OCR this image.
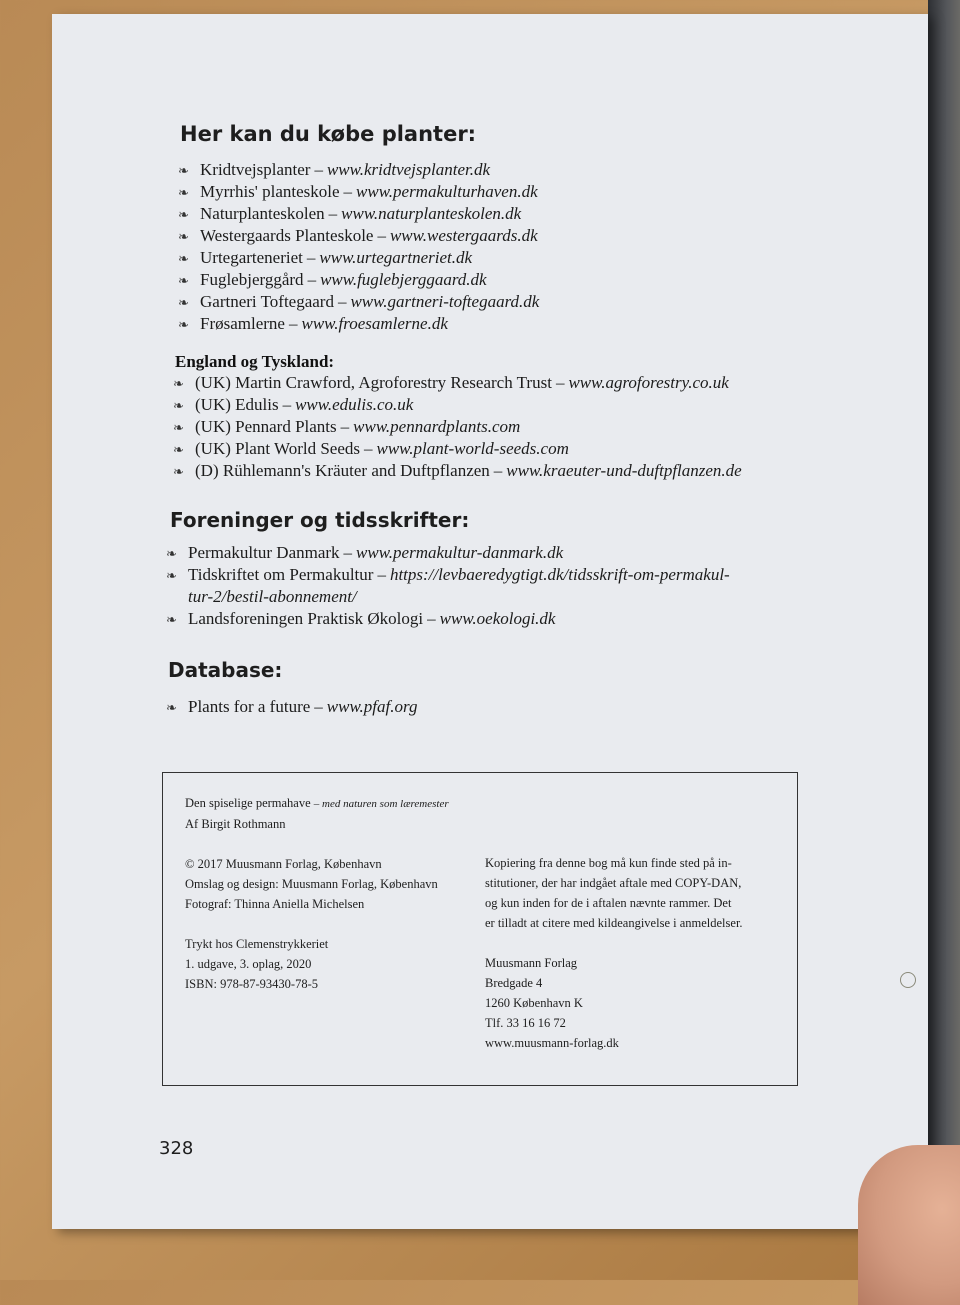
Her kan du købe planter:
❧ Kridtvejsplanter – www.kridtvejsplanter.dk
❧ Myrrhis' planteskole – www.permakulturhaven.dk
❧ Naturplanteskolen – www.naturplanteskolen.dk
❧ Westergaards Planteskole – www.westergaards.dk
❧ Urtegarteneriet – www.urtegartneriet.dk
❧ Fuglebjerggård – www.fuglebjerggaard.dk
❧ Gartneri Toftegaard – www.gartneri-toftegaard.dk
❧ Frøsamlerne – www.froesamlerne.dk
England og Tyskland:
❧ (UK) Martin Crawford, Agroforestry Research Trust – www.agroforestry.co.uk
❧ (UK) Edulis – www.edulis.co.uk
❧ (UK) Pennard Plants – www.pennardplants.com
❧ (UK) Plant World Seeds – www.plant-world-seeds.com
❧ (D) Rühlemann's Kräuter and Duftpflanzen – www.kraeuter-und-duftpflanzen.de
Foreninger og tidsskrifter:
❧ Permakultur Danmark – www.permakultur-danmark.dk
❧ Tidskriftet om Permakultur – https://levbaeredygtigt.dk/tidsskrift-om-permakul-
tur-2/bestil-abonnement/
❧ Landsforeningen Praktisk Økologi – www.oekologi.dk
Database:
❧ Plants for a future – www.pfaf.org

Den spiselige permahave – med naturen som læremester

Af Birgit Rothmann

© 2017 Muusmann Forlag, København

Omslag og design: Muusmann Forlag, København

Fotograf: Thinna Aniella Michelsen

Trykt hos Clemenstrykkeriet

1. udgave, 3. oplag, 2020

ISBN: 978-87-93430-78-5

Kopiering fra denne bog må kun finde sted på in-

stitutioner, der har indgået aftale med COPY-DAN,

og kun inden for de i aftalen nævnte rammer. Det

er tilladt at citere med kildeangivelse i anmeldelser.

Muusmann Forlag

Bredgade 4

1260 København K

Tlf. 33 16 16 72

www.muusmann-forlag.dk

328
